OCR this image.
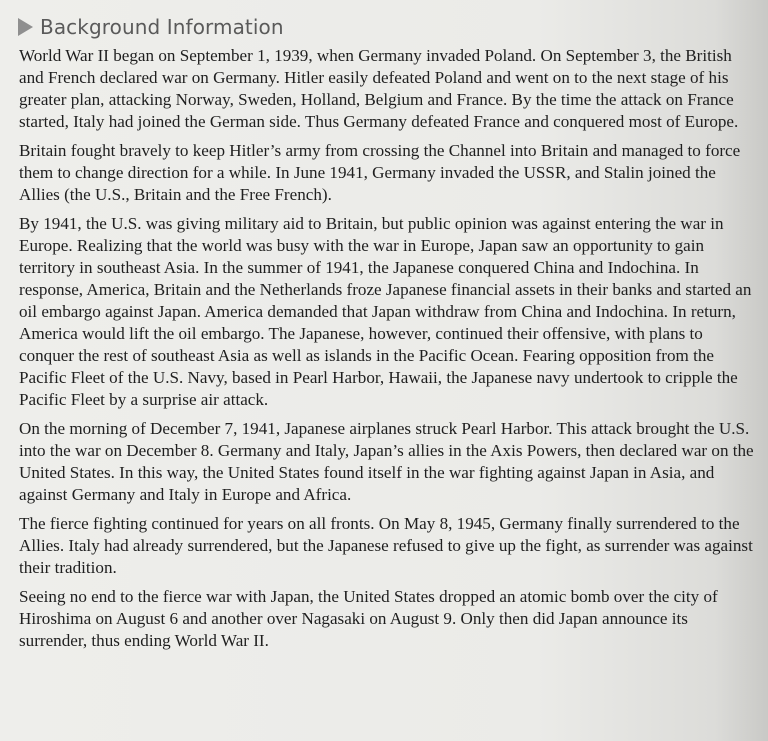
Background Information

World War II began on September 1, 1939, when Germany invaded Poland. On September 3, the British and French declared war on Germany. Hitler easily defeated Poland and went on to the next stage of his greater plan, attacking Norway, Sweden, Holland, Belgium and France. By the time the attack on France started, Italy had joined the German side. Thus Germany defeated France and conquered most of Europe.

Britain fought bravely to keep Hitler’s army from crossing the Channel into Britain and managed to force them to change direction for a while. In June 1941, Germany invaded the USSR, and Stalin joined the Allies (the U.S., Britain and the Free French).

By 1941, the U.S. was giving military aid to Britain, but public opinion was against entering the war in Europe. Realizing that the world was busy with the war in Europe, Japan saw an opportunity to gain territory in southeast Asia. In the summer of 1941, the Japanese conquered China and Indochina. In response, America, Britain and the Netherlands froze Japanese financial assets in their banks and started an oil embargo against Japan. America demanded that Japan withdraw from China and Indochina. In return, America would lift the oil embargo. The Japanese, however, continued their offensive, with plans to conquer the rest of southeast Asia as well as islands in the Pacific Ocean. Fearing opposition from the Pacific Fleet of the U.S. Navy, based in Pearl Harbor, Hawaii, the Japanese navy undertook to cripple the Pacific Fleet by a surprise air attack.

On the morning of December 7, 1941, Japanese airplanes struck Pearl Harbor. This attack brought the U.S. into the war on December 8. Germany and Italy, Japan’s allies in the Axis Powers, then declared war on the United States. In this way, the United States found itself in the war fighting against Japan in Asia, and against Germany and Italy in Europe and Africa.

The fierce fighting continued for years on all fronts. On May 8, 1945, Germany finally surrendered to the Allies. Italy had already surrendered, but the Japanese refused to give up the fight, as surrender was against their tradition.

Seeing no end to the fierce war with Japan, the United States dropped an atomic bomb over the city of Hiroshima on August 6 and another over Nagasaki on August 9. Only then did Japan announce its surrender, thus ending World War II.
